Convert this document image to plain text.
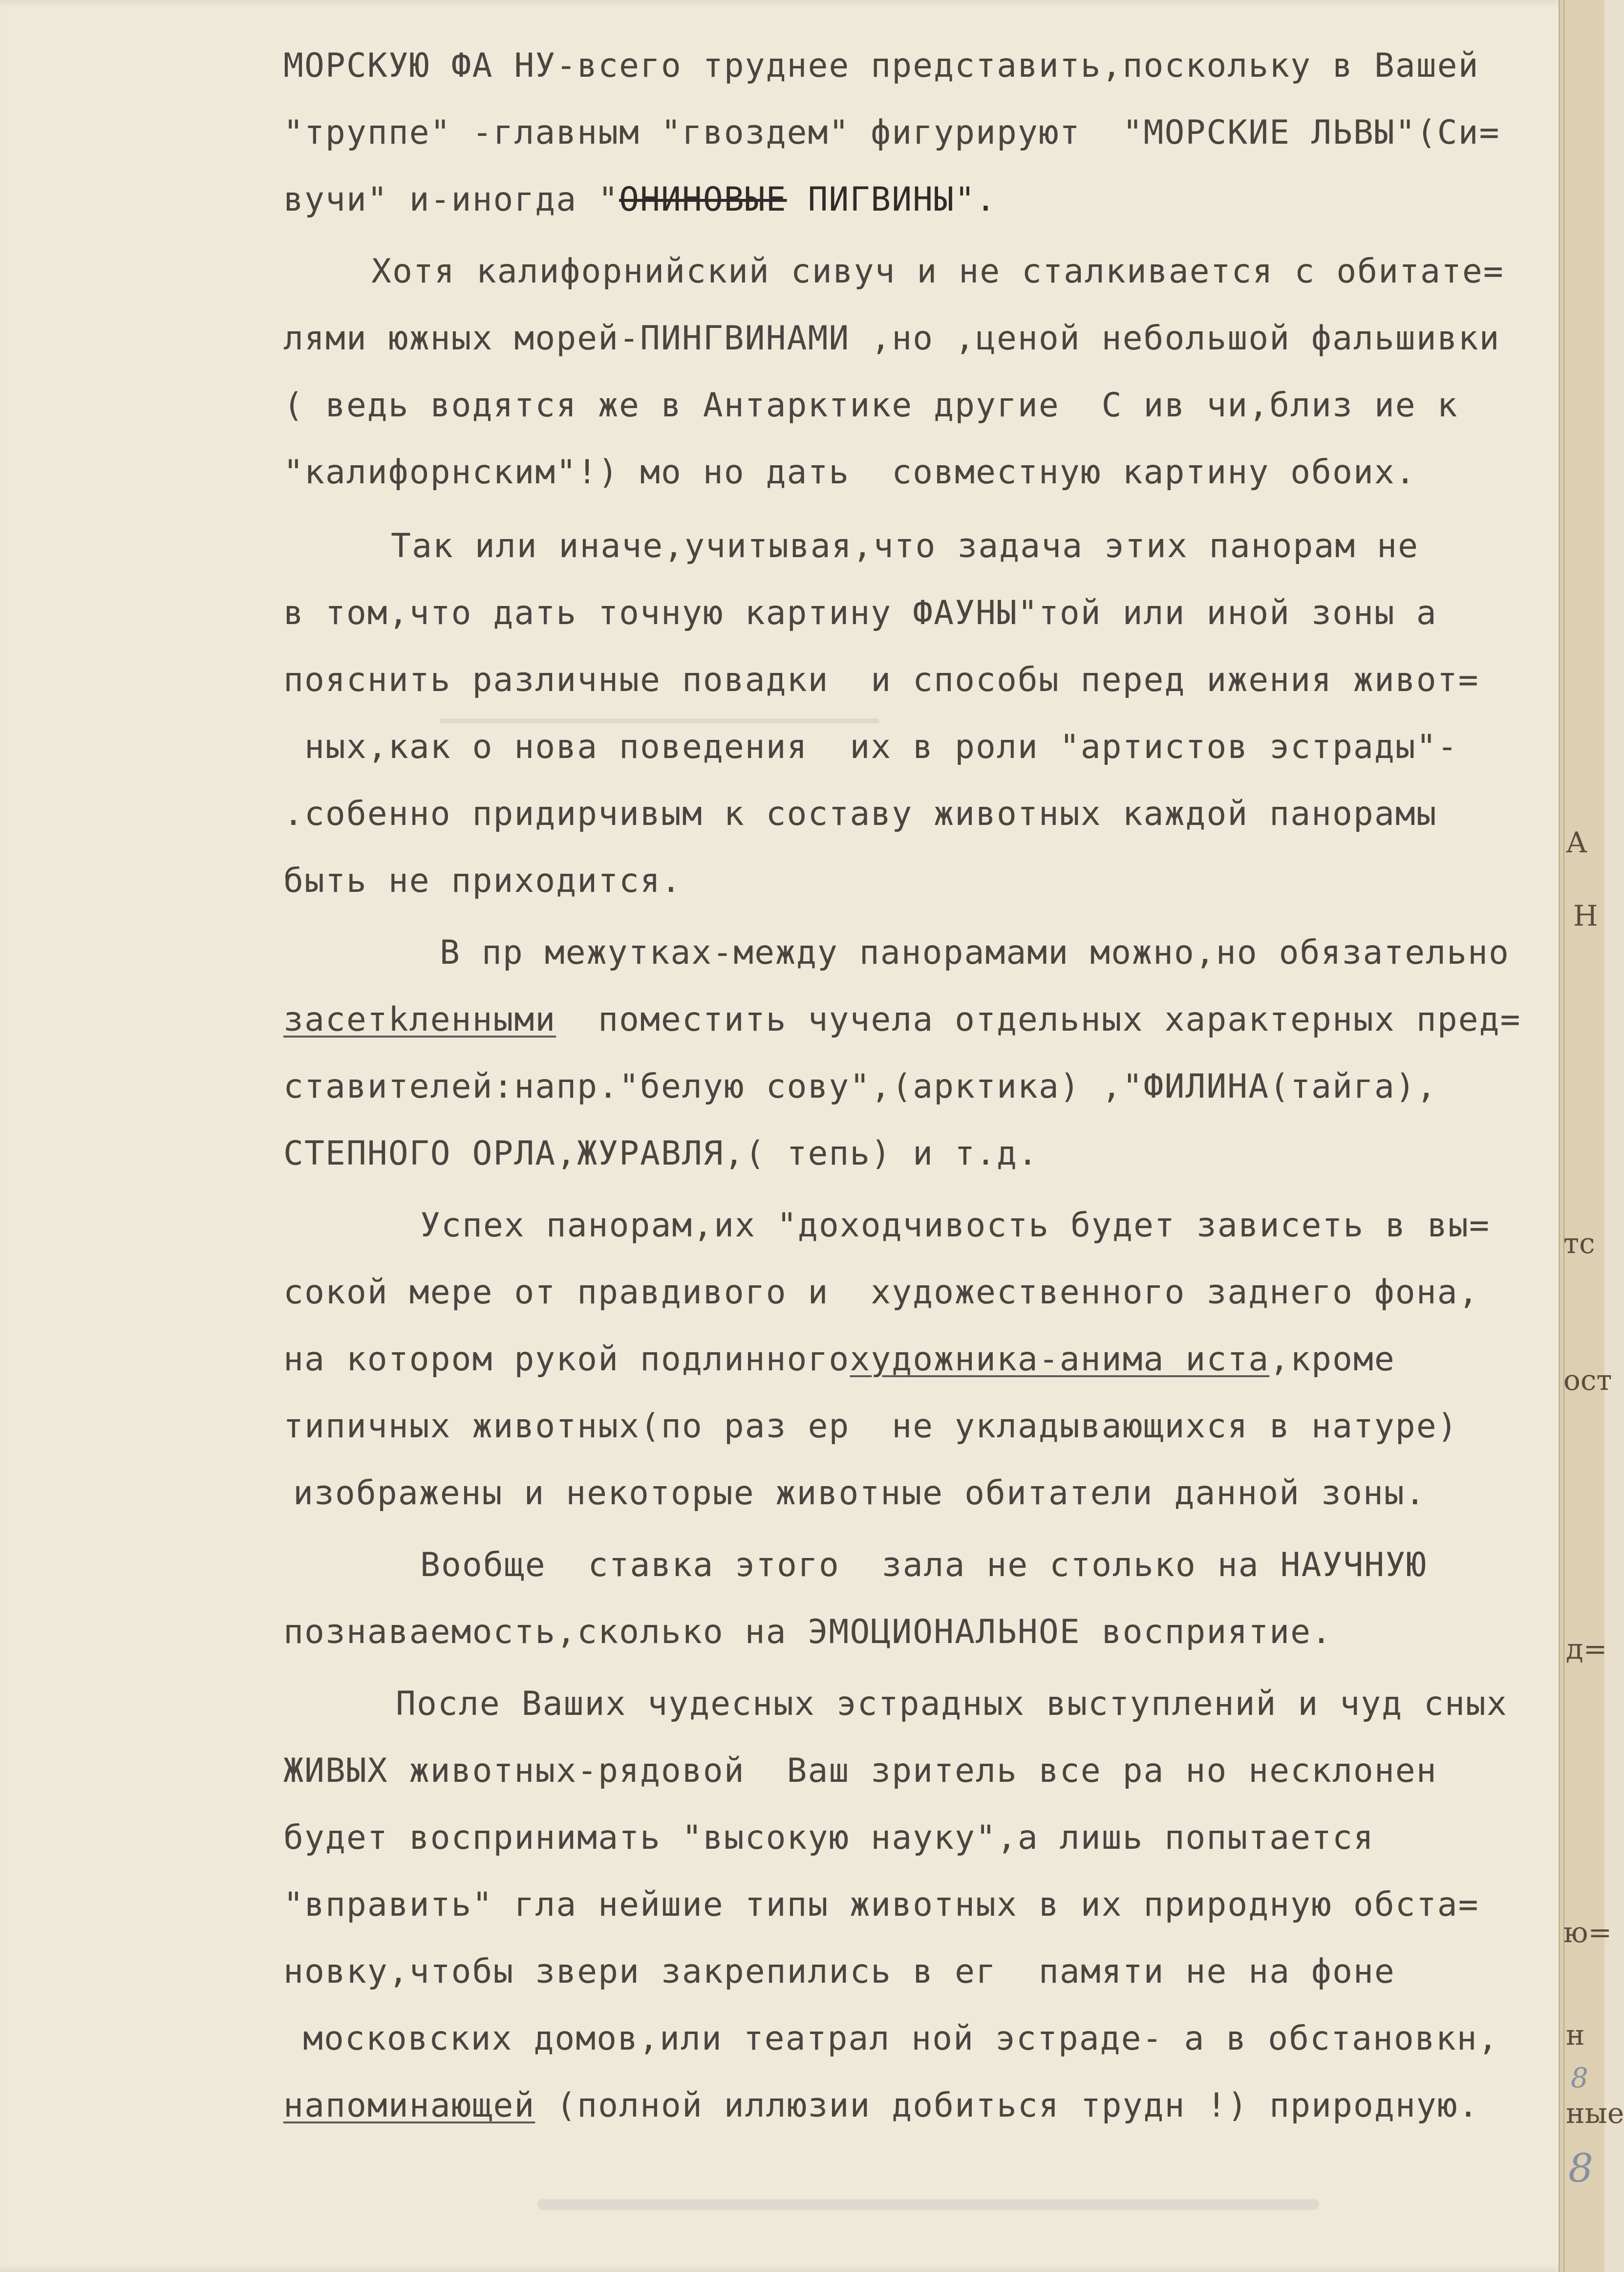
МОРСКУЮ ФА НУ-всего труднее представить,поскольку в Вашей
"труппе" -главным "гвоздем" фигурируют  "МОРСКИЕ ЛЬВЫ"(Си=
вучи" и-иногда "ОНИНОВЫЕ ПИГВИНЫ".
Хотя калифорнийский сивуч и не сталкивается с обитате=
лями южных морей-ПИНГВИНАМИ ,но ,ценой небольшой фальшивки
( ведь водятся же в Антарктике другие  С ив чи,близ ие к
"калифорнским"!) мо но дать  совместную картину обоих.
Так или иначе,учитывая,что задача этих панорам не
в том,что дать точную картину ФАУНЫ"той или иной зоны а
пояснить различные повадки  и способы перед ижения живот=
ных,как о нова поведения  их в роли "артистов эстрады"-
.собенно придирчивым к составу животных каждой панорамы
быть не приходится.
В пр межутках-между панорамами можно,но обязательно
засетkленными поместить чучела отдельных характерных пред=
ставителей:напр."белую сову",(арктика) ,"ФИЛИНА(тайга),
СТЕПНОГО ОРЛА,ЖУРАВЛЯ,( тепь) и т.д.
Успех панорам,их "доходчивость будет зависеть в вы=
сокой мере от правдивого и  художественного заднего фона,
на котором рукой подлинногохудожника-анима иста,кроме
типичных животных(по раз ер  не укладывающихся в натуре)
изображены и некоторые животные обитатели данной зоны.
Вообще  ставка этого  зала не столько на НАУЧНУЮ
познаваемость,сколько на ЭМОЦИОНАЛЬНОЕ восприятие.
После Ваших чудесных эстрадных выступлений и чуд сных
ЖИВЫХ животных-рядовой  Ваш зритель все ра но несклонен
будет воспринимать "высокую науку",а лишь попытается
"вправить" гла нейшие типы животных в их природную обста=
новку,чтобы звери закрепились в ег  памяти не на фоне
московских домов,или театрал ной эстраде- а в обстановкн,
напоминающей (полной иллюзии добиться трудн !) природную.
А
Н
тс
ост
д=
ю=
н
ные
8
8
